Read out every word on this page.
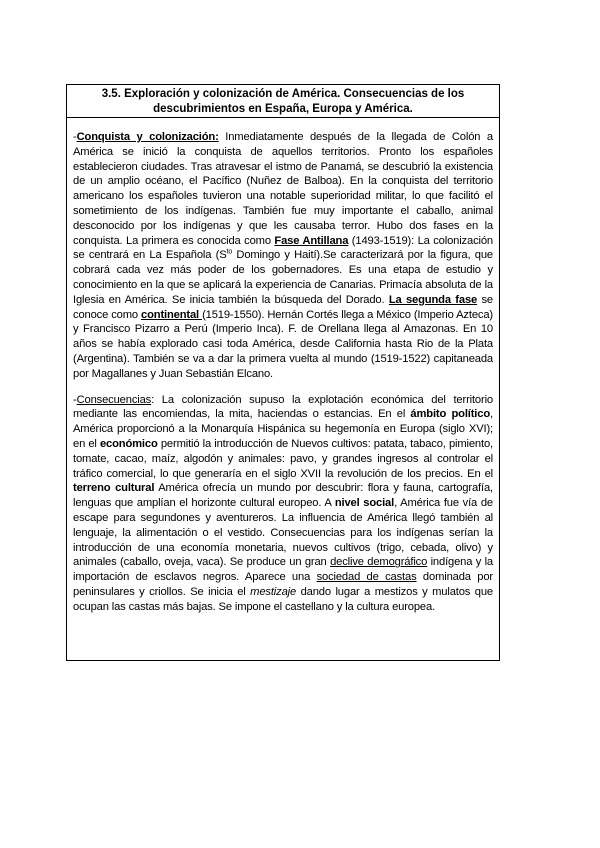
3.5. Exploración y colonización de América. Consecuencias de los
descubrimientos en España, Europa y América.

-Conquista y colonización: Inmediatamente después de la llegada de Colón a América se inició la conquista de aquellos territorios. Pronto los españoles establecieron ciudades. Tras atravesar el istmo de Panamá, se descubrió la existencia de un amplio océano, el Pacífico (Nuñez de Balboa). En la conquista del territorio americano los españoles tuvieron una notable superioridad militar, lo que facilitó el sometimiento de los indígenas. También fue muy importante el caballo, animal desconocido por los indígenas y que les causaba terror. Hubo dos fases en la conquista. La primera es conocida como Fase Antillana (1493-1519): La colonización se centrará en La Española ($S^{to}$ Domingo y Haití).Se caracterizará por la figura, que cobrará cada vez más poder de los gobernadores. Es una etapa de estudio y conocimiento en la que se aplicará la experiencia de Canarias. Primacía absoluta de la Iglesia en América. Se inicia también la búsqueda del Dorado. La segunda fase se conoce como continental (1519-1550). Hernán Cortés llega a México (Imperio Azteca) y Francisco Pizarro a Perú (Imperio Inca). F. de Orellana llega al Amazonas. En 10 años se había explorado casi toda América, desde California hasta Rio de la Plata (Argentina). También se va a dar la primera vuelta al mundo (1519-1522) capitaneada por Magallanes y Juan Sebastián Elcano.

-Consecuencias: La colonización supuso la explotación económica del territorio mediante las encomiendas, la mita, haciendas o estancias. En el ámbito político, América proporcionó a la Monarquía Hispánica su hegemonía en Europa (siglo XVI); en el económico permitió la introducción de Nuevos cultivos: patata, tabaco, pimiento, tomate, cacao, maíz, algodón y animales: pavo, y grandes ingresos al controlar el tráfico comercial, lo que generaría en el siglo XVII la revolución de los precios. En el terreno cultural América ofrecía un mundo por descubrir: flora y fauna, cartografía, lenguas que amplían el horizonte cultural europeo. A nivel social, América fue vía de escape para segundones y aventureros. La influencia de América llegó también al lenguaje, la alimentación o el vestido. Consecuencias para los indígenas serían la introducción de una economía monetaria, nuevos cultivos (trigo, cebada, olivo) y animales (caballo, oveja, vaca). Se produce un gran declive demográfico indígena y la importación de esclavos negros. Aparece una sociedad de castas dominada por peninsulares y criollos. Se inicia el mestizaje dando lugar a mestizos y mulatos que ocupan las castas más bajas. Se impone el castellano y la cultura europea.
